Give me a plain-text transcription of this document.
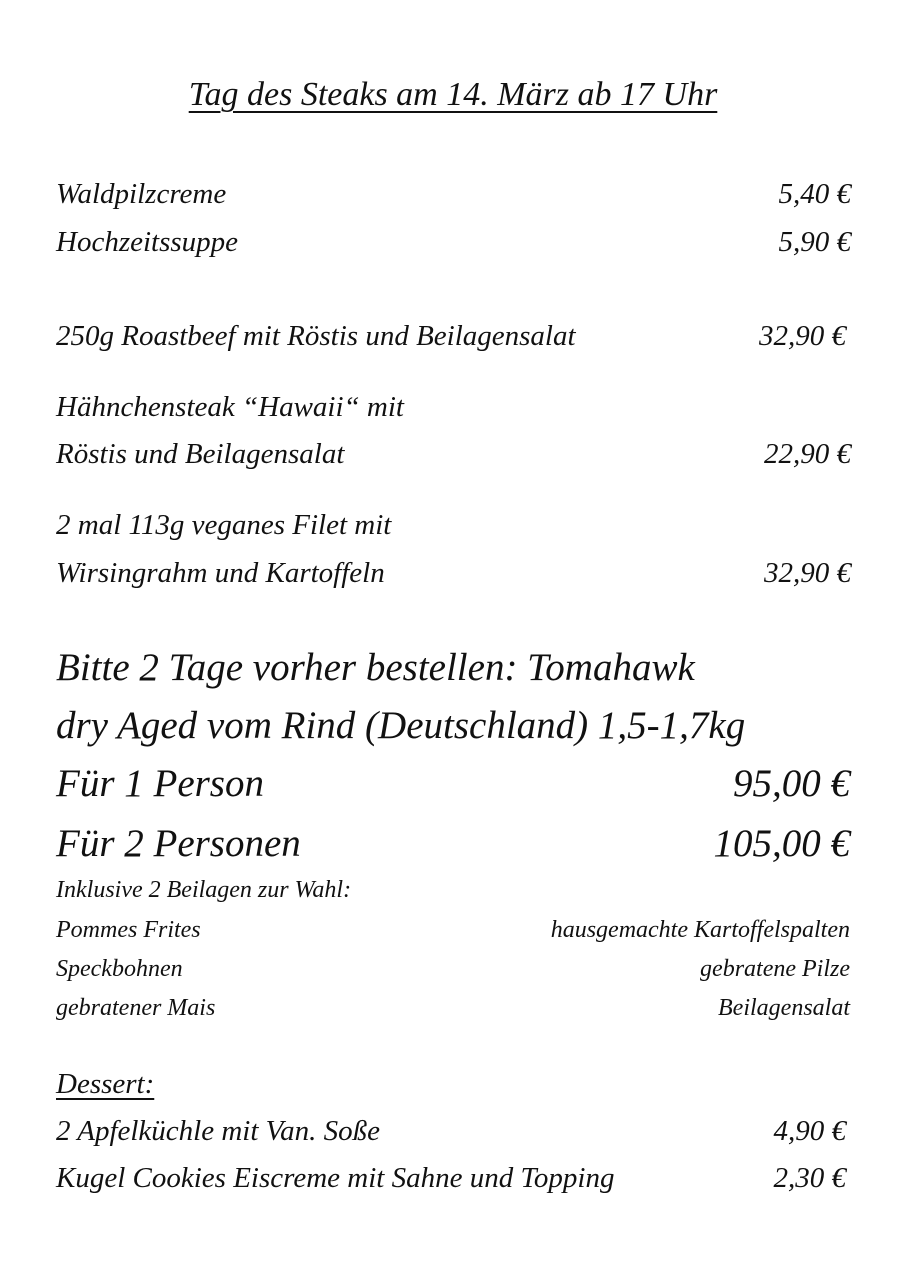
Tag des Steaks am 14. März ab 17 Uhr
Waldpilzcreme	5,40 €
Hochzeitssuppe	5,90 €
250g Roastbeef mit Röstis und Beilagensalat	32,90 €
Hähnchensteak “Hawaii“ mit
Röstis und Beilagensalat	22,90 €
2 mal 113g veganes Filet mit
Wirsingrahm und Kartoffeln	32,90 €
Bitte 2 Tage vorher bestellen: Tomahawk
dry Aged vom Rind (Deutschland) 1,5-1,7kg
Für 1 Person	95,00 €
Für 2 Personen	105,00 €
Inklusive 2 Beilagen zur Wahl:
Pommes Frites	hausgemachte Kartoffelspalten
Speckbohnen	gebratene Pilze
gebratener Mais	Beilagensalat
Dessert:
2 Apfelküchle mit Van. Soße	4,90 €
Kugel Cookies Eiscreme mit Sahne und Topping	2,30 €
